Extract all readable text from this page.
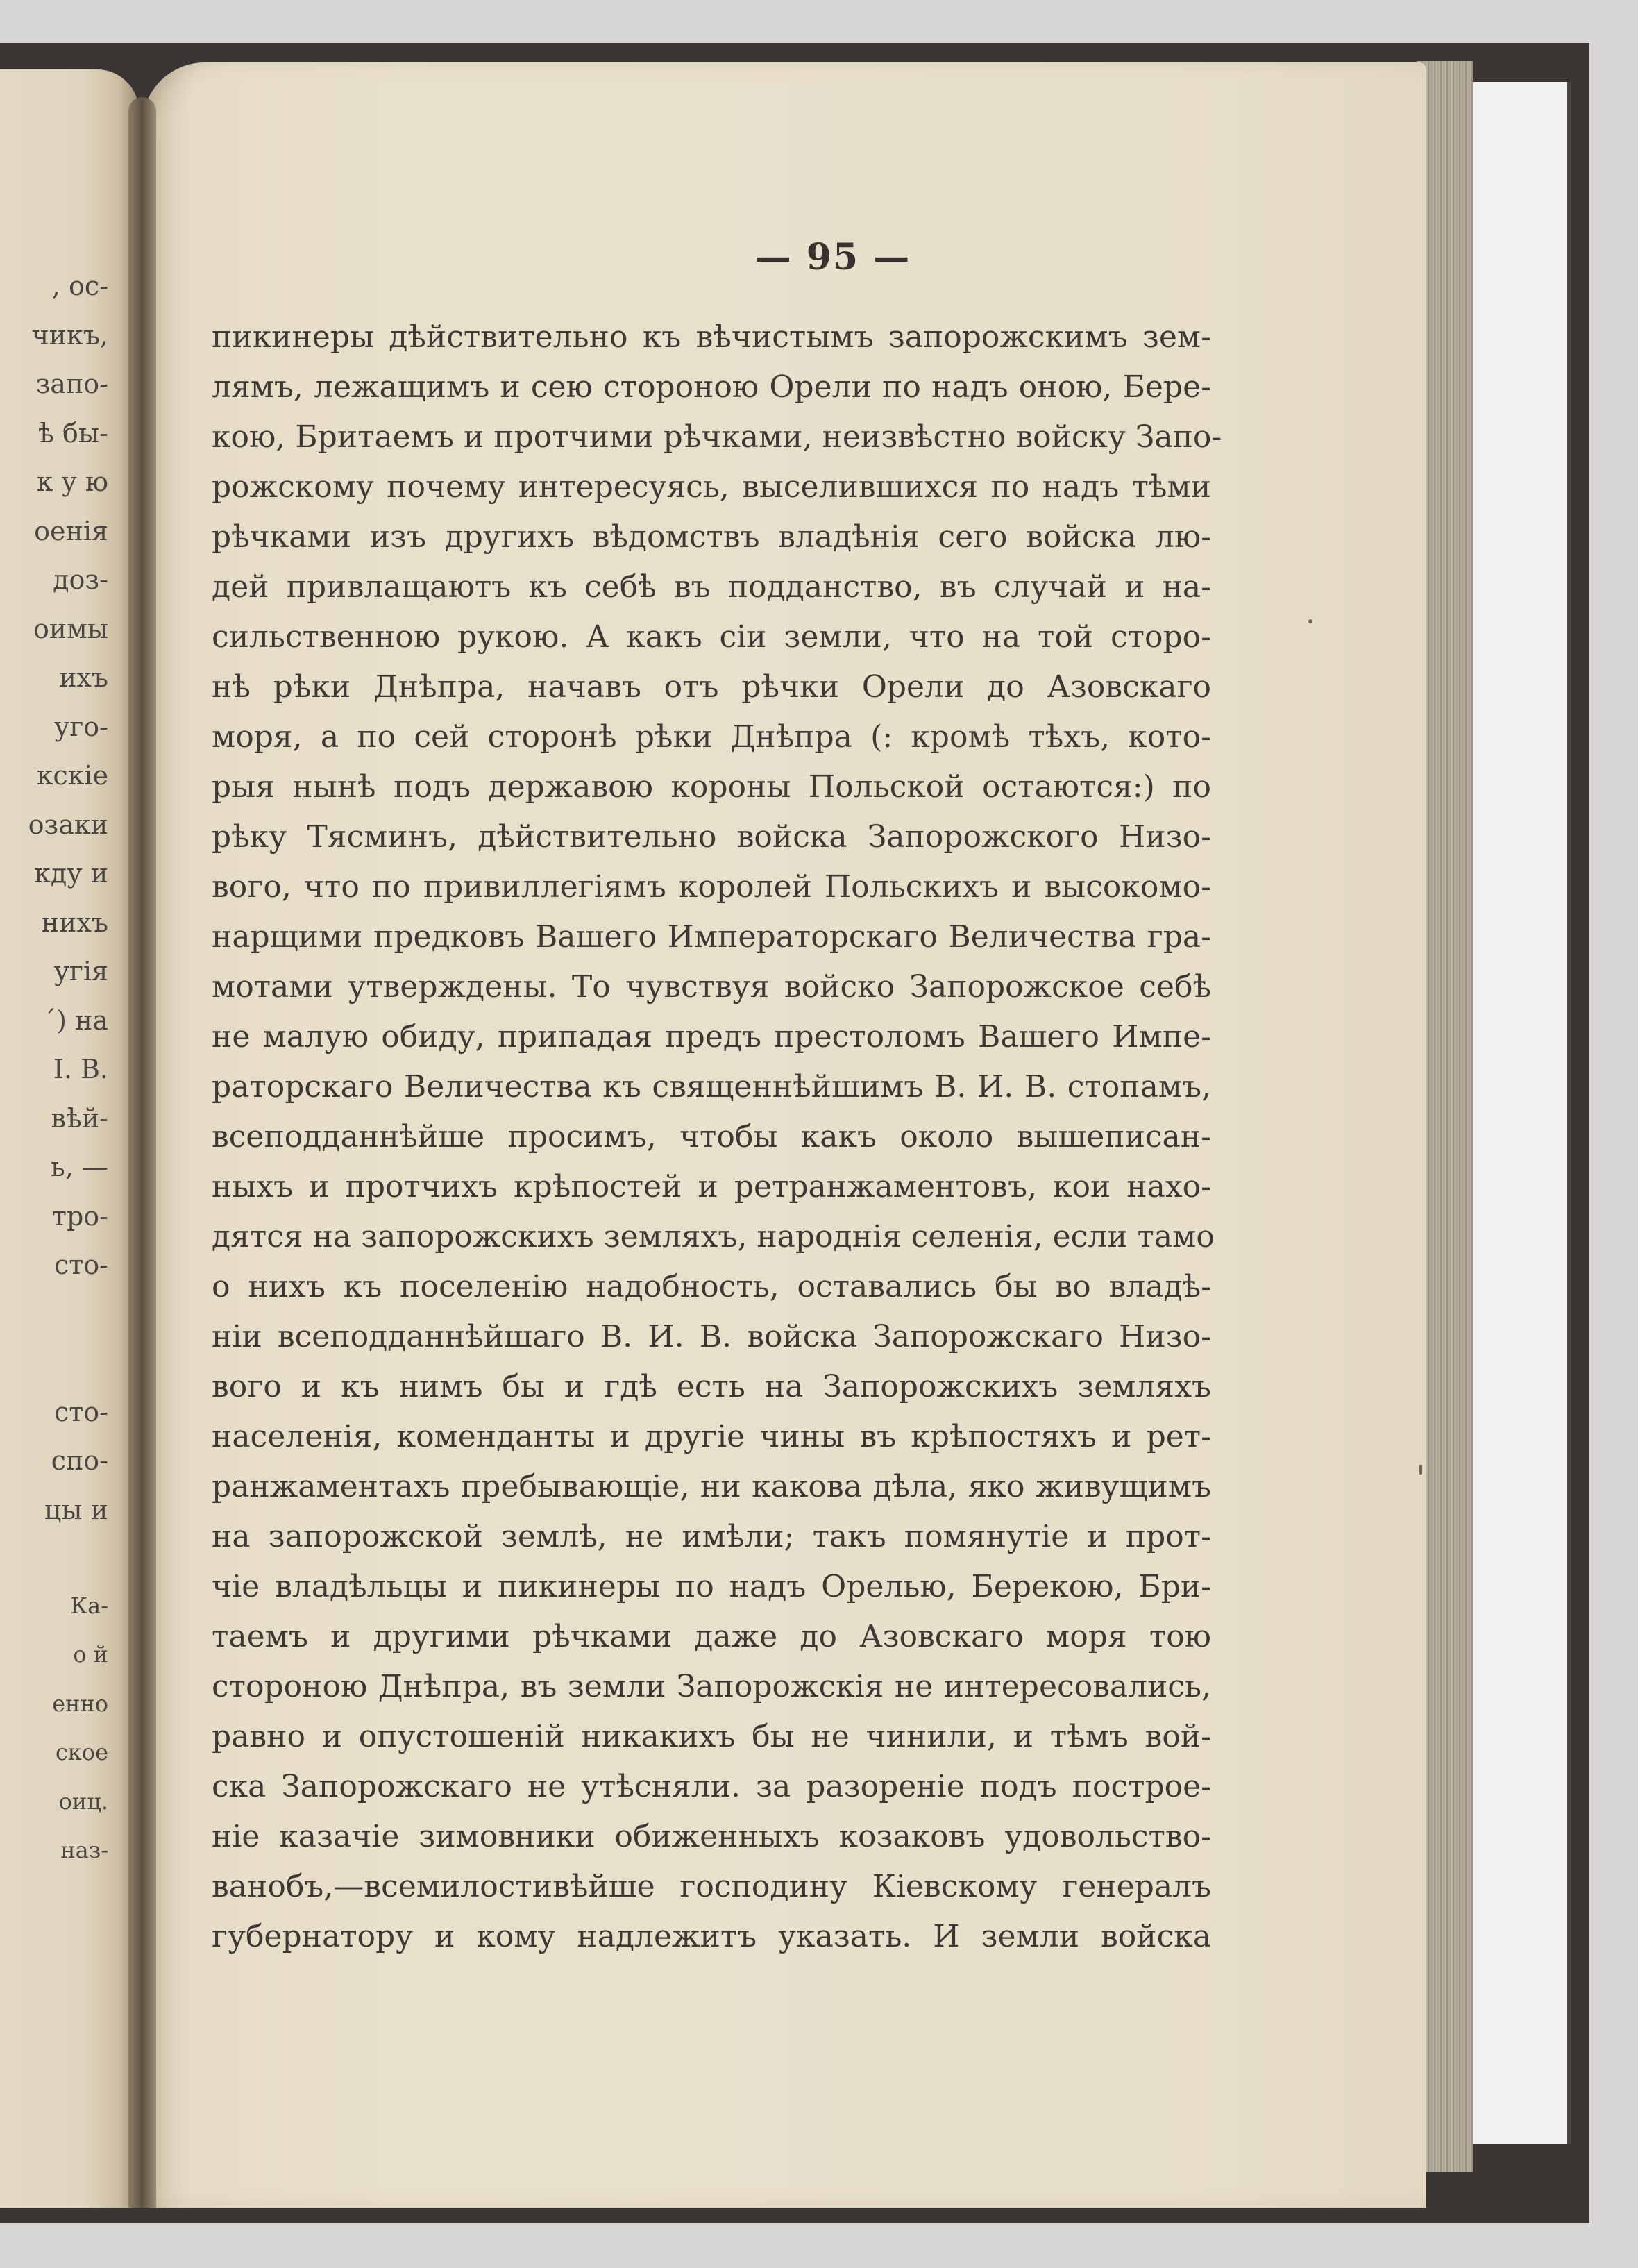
, ос-
чикъ,
запо-
ѣ бы-
к у ю
оенія
доз-
оимы
ихъ
уго-
кскіе
озаки
кду и
нихъ
угія
́) на
I. В.
вѣй-
ь, —
тро-
сто-
сто-
спо-
цы и
Ка-
о й
енно
ское
оиц.
наз-
— 95 —
пикинеры дѣйствительно къ вѣчистымъ запорожскимъ зем-
лямъ, лежащимъ и сею стороною Орели по надъ оною, Бере-
кою, Бритаемъ и протчими рѣчками, неизвѣстно войску Запо-
рожскому почему интересуясь, выселившихся по надъ тѣми
рѣчками изъ другихъ вѣдомствъ владѣнія сего войска лю-
дей привлащаютъ къ себѣ въ подданство, въ случай и на-
сильственною рукою. А какъ сіи земли, что на той сторо-
нѣ рѣки Днѣпра, начавъ отъ рѣчки Орели до Азовскаго
моря, а по сей сторонѣ рѣки Днѣпра (: кромѣ тѣхъ, кото-
рыя нынѣ подъ державою короны Польской остаются:) по
рѣку Тясминъ, дѣйствительно войска Запорожского Низо-
вого, что по привиллегіямъ королей Польскихъ и высокомо-
нарщими предковъ Вашего Императорскаго Величества гра-
мотами утверждены. То чувствуя войско Запорожское себѣ
не малую обиду, припадая предъ престоломъ Вашего Импе-
раторскаго Величества къ священнѣйшимъ В. И. В. стопамъ,
всеподданнѣйше просимъ, чтобы какъ около вышеписан-
ныхъ и протчихъ крѣпостей и ретранжаментовъ, кои нахо-
дятся на запорожскихъ земляхъ, народнія селенія, если тамо
о нихъ къ поселенію надобность, оставались бы во владѣ-
ніи всеподданнѣйшаго В. И. В. войска Запорожскаго Низо-
вого и къ нимъ бы и гдѣ есть на Запорожскихъ земляхъ
населенія, коменданты и другіе чины въ крѣпостяхъ и рет-
ранжаментахъ пребывающіе, ни какова дѣла, яко живущимъ
на запорожской землѣ, не имѣли; такъ помянутіе и прот-
чіе владѣльцы и пикинеры по надъ Орелью, Берекою, Бри-
таемъ и другими рѣчками даже до Азовскаго моря тою
стороною Днѣпра, въ земли Запорожскія не интересовались,
равно и опустошеній никакихъ бы не чинили, и тѣмъ вой-
ска Запорожскаго не утѣсняли. за разореніе подъ построе-
ніе казачіе зимовники обиженныхъ козаковъ удовольство-
ванобъ,—всемилостивѣйше господину Кіевскому генералъ
губернатору и кому надлежитъ указать. И земли войска
